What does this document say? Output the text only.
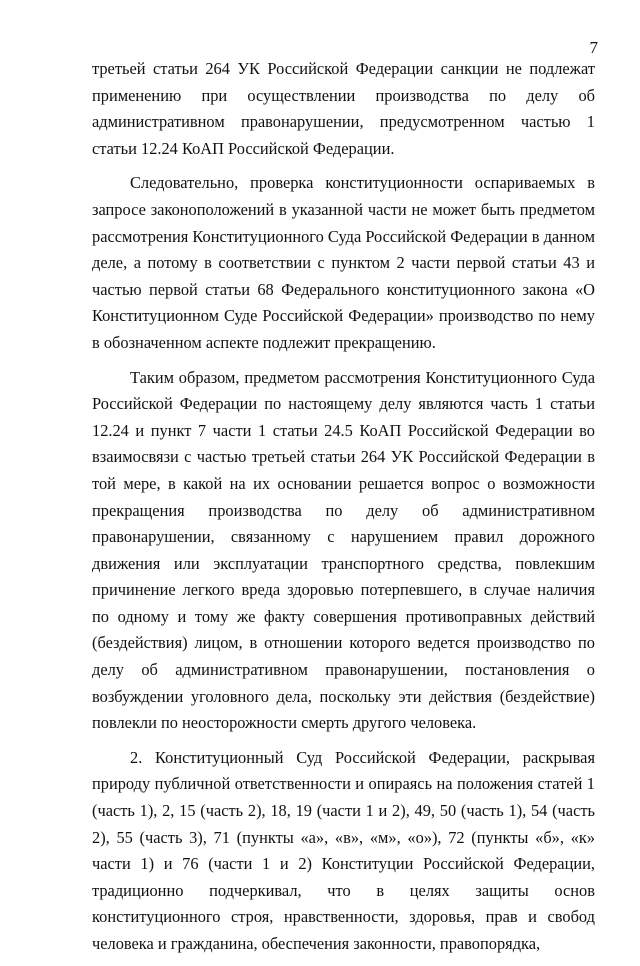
7

третьей статьи 264 УК Российской Федерации санкции не подлежат применению при осуществлении производства по делу об административном правонарушении, предусмотренном частью 1 статьи 12.24 КоАП Российской Федерации.

Следовательно, проверка конституционности оспариваемых в запросе законоположений в указанной части не может быть предметом рассмотрения Конституционного Суда Российской Федерации в данном деле, а потому в соответствии с пунктом 2 части первой статьи 43 и частью первой статьи 68 Федерального конституционного закона «О Конституционном Суде Российской Федерации» производство по нему в обозначенном аспекте подлежит прекращению.

Таким образом, предметом рассмотрения Конституционного Суда Российской Федерации по настоящему делу являются часть 1 статьи 12.24 и пункт 7 части 1 статьи 24.5 КоАП Российской Федерации во взаимосвязи с частью третьей статьи 264 УК Российской Федерации в той мере, в какой на их основании решается вопрос о возможности прекращения производства по делу об административном правонарушении, связанному с нарушением правил дорожного движения или эксплуатации транспортного средства, повлекшим причинение легкого вреда здоровью потерпевшего, в случае наличия по одному и тому же факту совершения противоправных действий (бездействия) лицом, в отношении которого ведется производство по делу об административном правонарушении, постановления о возбуждении уголовного дела, поскольку эти действия (бездействие) повлекли по неосторожности смерть другого человека.

2. Конституционный Суд Российской Федерации, раскрывая природу публичной ответственности и опираясь на положения статей 1 (часть 1), 2, 15 (часть 2), 18, 19 (части 1 и 2), 49, 50 (часть 1), 54 (часть 2), 55 (часть 3), 71 (пункты «а», «в», «м», «о»), 72 (пункты «б», «к» части 1) и 76 (части 1 и 2) Конституции Российской Федерации, традиционно подчеркивал, что в целях защиты основ конституционного строя, нравственности, здоровья, прав и свобод человека и гражданина, обеспечения законности, правопорядка,
